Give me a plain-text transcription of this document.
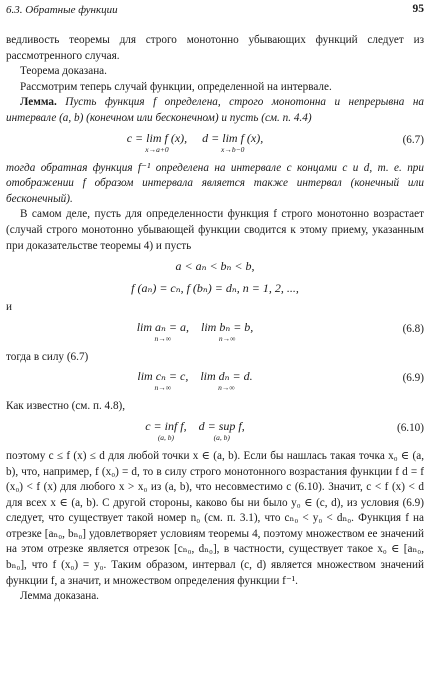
6.3. Обратные функции	95

ведливость теоремы для строго монотонно убывающих функций следует из рассмотренного случая.

Теорема доказана.

Рассмотрим теперь случай функции, определенной на интервале.

Лемма. Пусть функция f определена, строго монотонна и непрерывна на интервале (a, b) (конечном или бесконечном) и пусть (см. п. 4.4)

c = lim f (x),
x→a+0
d = lim f (x),
x→b−0
(6.7)

тогда обратная функция f⁻¹ определена на интервале с концами c и d, т. е. при отображении f образом интервала является также интервал (конечный или бесконечный).

В самом деле, пусть для определенности функция f строго монотонно возрастает (случай строго монотонно убывающей функции сводится к этому приему, указанным при доказательстве теоремы 4) и пусть

a < aₙ < bₙ < b,
f (aₙ) = cₙ, f (bₙ) = dₙ, n = 1, 2, ...,

и

lim aₙ = a,
n→∞
lim bₙ = b,
n→∞
(6.8)

тогда в силу (6.7)

lim cₙ = c,
n→∞
lim dₙ = d.
n→∞
(6.9)

Как известно (см. п. 4.8),

c = inf f,
(a, b)
d = sup f,
(a, b)
(6.10)

поэтому c ≤ f (x) ≤ d для любой точки x ∈ (a, b). Если бы нашлась такая точка x₀ ∈ (a, b), что, например, f (x₀) = d, то в силу строго монотонного возрастания функции f d = f (x₀) < f (x) для любого x > x₀ из (a, b), что несовместимо с (6.10). Значит, c < f (x) < d для всех x ∈ (a, b). С другой стороны, каково бы ни было y₀ ∈ (c, d), из условия (6.9) следует, что существует такой номер n₀ (см. п. 3.1), что cₙ₀ < y₀ < dₙ₀. Функция f на отрезке [aₙ₀, bₙ₀] удовлетворяет условиям теоремы 4, поэтому множеством ее значений на этом отрезке является отрезок [cₙ₀, dₙ₀], в частности, существует такое x₀ ∈ [aₙ₀, bₙ₀], что f (x₀) = y₀. Таким образом, интервал (c, d) является множеством значений функции f, а значит, и множеством определения функции f⁻¹.

Лемма доказана.
